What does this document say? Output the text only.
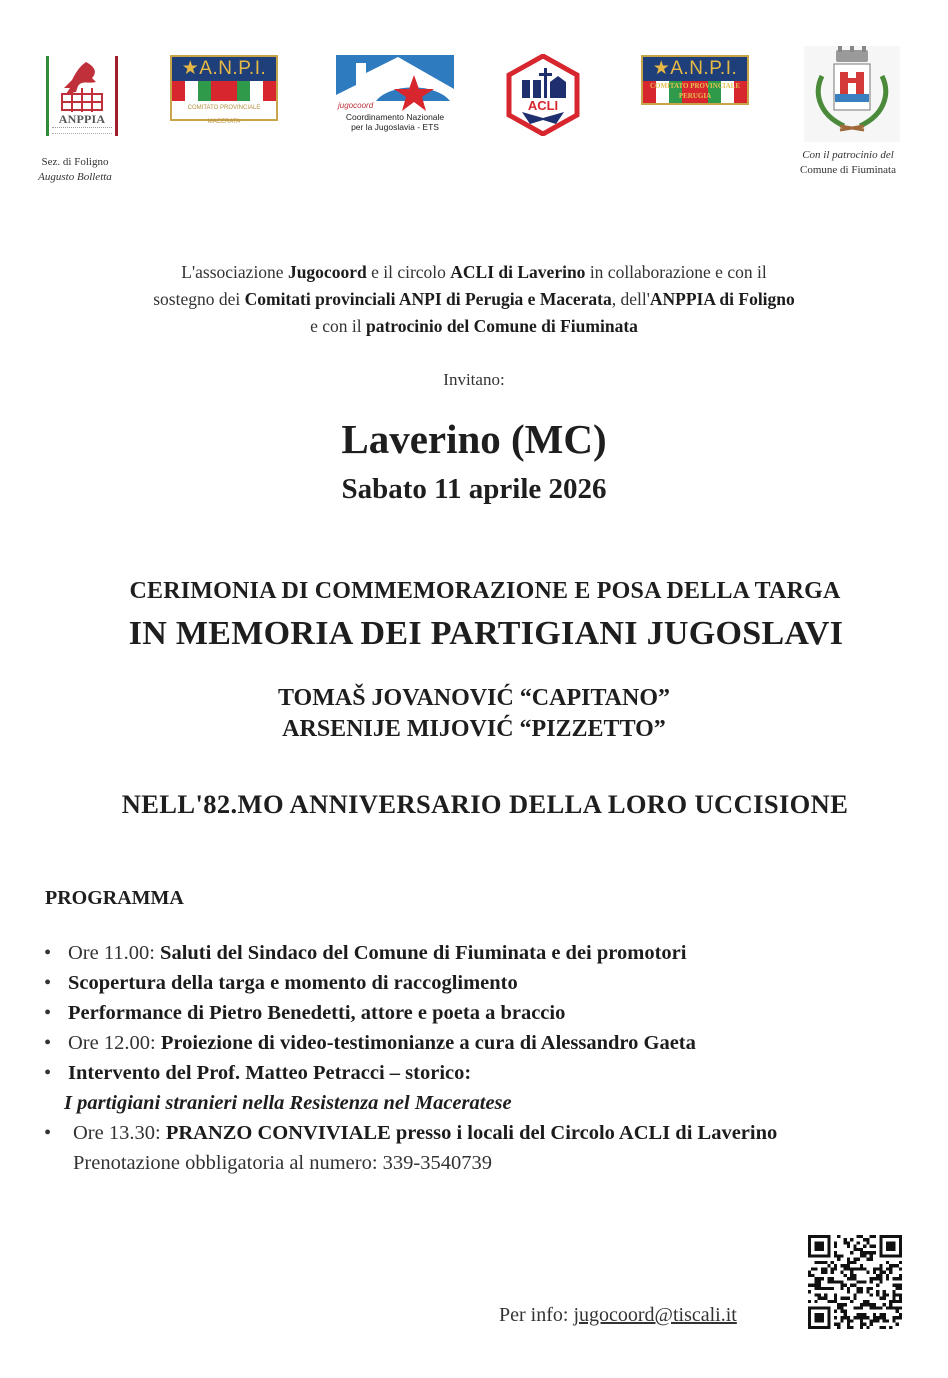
ANPPIA
Sez. di Foligno
Augusto Bolletta
★A.N.P.I.
COMITATO PROVINCIALE MACERATA
jugocoord
Coordinamento Nazionale
per la Jugoslavia - ETS
ACLI
★A.N.P.I.
COMITATO PROVINCIALE
PERUGIA
Con il patrocinio del
Comune di Fiuminata
L'associazione Jugocoord e il circolo ACLI di Laverino in collaborazione e con il
sostegno dei Comitati provinciali ANPI di Perugia e Macerata, dell'ANPPIA di Foligno
e con il patrocinio del Comune di Fiuminata
Invitano:
Laverino (MC)
Sabato 11 aprile 2026
CERIMONIA DI COMMEMORAZIONE E POSA DELLA TARGA
IN MEMORIA DEI PARTIGIANI JUGOSLAVI
TOMAŠ JOVANOVIĆ “CAPITANO”
ARSENIJE MIJOVIĆ “PIZZETTO”
NELL'82.MO ANNIVERSARIO DELLA LORO UCCISIONE
PROGRAMMA
• Ore 11.00: Saluti del Sindaco del Comune di Fiuminata e dei promotori
• Scopertura della targa e momento di raccoglimento
• Performance di Pietro Benedetti, attore e poeta a braccio
• Ore 12.00: Proiezione di video-testimonianze a cura di Alessandro Gaeta
• Intervento del Prof. Matteo Petracci – storico:
I partigiani stranieri nella Resistenza nel Maceratese
• Ore 13.30: PRANZO CONVIVIALE presso i locali del Circolo ACLI di Laverino
Prenotazione obbligatoria al numero: 339-3540739
Per info: jugocoord@tiscali.it
